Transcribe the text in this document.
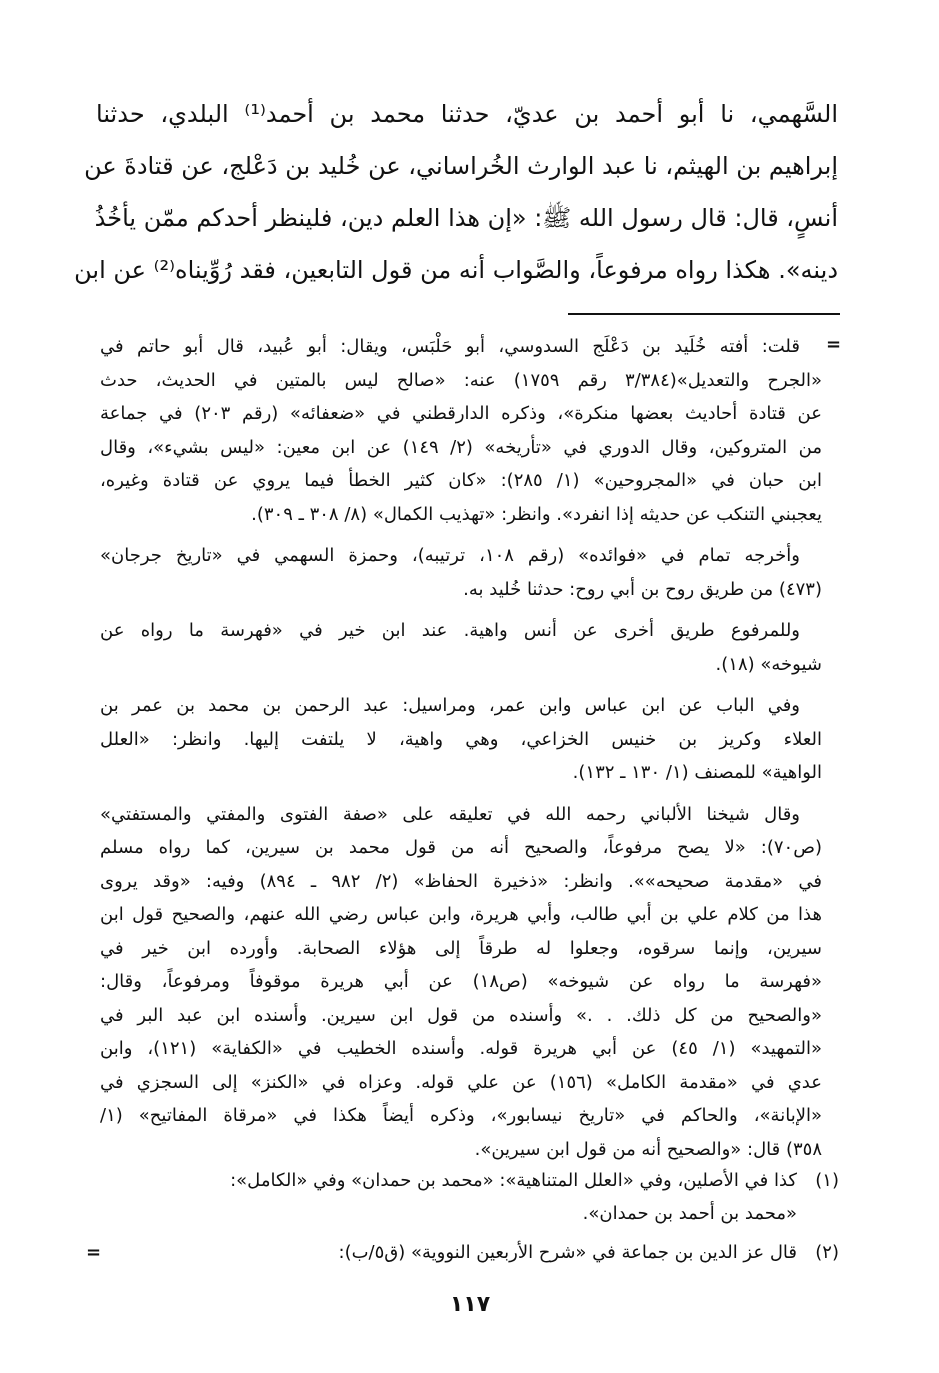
السَّهمي، نا أبو أحمد بن عديّ، حدثنا محمد بن أحمد⁽¹⁾ البلدي، حدثنا
إبراهيم بن الهيثم، نا عبد الوارث الخُراساني، عن خُليد بن دَعْلج، عن قتادةَ عن
أنسٍ، قال: قال رسول الله ﷺ: «إن هذا العلم دين، فلينظر أحدكم ممّن يأخُذُ
دينه». هكذا رواه مرفوعاً، والصَّواب أنه من قول التابعين، فقد رُوِّيناه⁽²⁾ عن ابن
=
قلت: أفته خُلَيد بن دَعْلَج السدوسي، أبو حَلْبَس، ويقال: أبو عُبيد، قال أبو حاتم في
«الجرح والتعديل»(٣/٣٨٤ رقم ١٧٥٩) عنه: «صالح ليس بالمتين في الحديث، حدث
عن قتادة أحاديث بعضها منكرة»، وذكره الدارقطني في «ضعفائه» (رقم ٢٠٣) في جماعة
من المتروكين، وقال الدوري في «تأريخه» (٢/ ١٤٩) عن ابن معين: «ليس بشيء»، وقال
ابن حبان في «المجروحين» (١/ ٢٨٥): «كان كثير الخطأ فيما يروي عن قتادة وغيره،
يعجبني التنكب عن حديثه إذا انفرد». وانظر: «تهذيب الكمال» (٨/ ٣٠٨ ـ ٣٠٩).
وأخرجه تمام في «فوائده» (رقم ١٠٨، ترتيبه)، وحمزة السهمي في «تاريخ جرجان»
(٤٧٣) من طريق روح بن أبي روح: حدثنا خُليد به.
وللمرفوع طريق أخرى عن أنس واهية. عند ابن خير في «فهرسة ما رواه عن
شيوخه» (١٨).
وفي الباب عن ابن عباس وابن عمر، ومراسيل: عبد الرحمن بن محمد بن عمر بن
العلاء وكريز بن خنيس الخزاعي، وهي واهية، لا يلتفت إليها. وانظر: «العلل
الواهية» للمصنف (١/ ١٣٠ ـ ١٣٢).
وقال شيخنا الألباني رحمه الله في تعليقه على «صفة الفتوى والمفتي والمستفتي»
(ص٧٠): «لا يصح مرفوعاً، والصحيح أنه من قول محمد بن سيرين، كما رواه مسلم
في «مقدمة صحيحه»». وانظر: «ذخيرة الحفاظ» (٢/ ٩٨٢ ـ ٨٩٤) وفيه: «وقد يروى
هذا من كلام علي بن أبي طالب، وأبي هريرة، وابن عباس رضي الله عنهم، والصحيح قول ابن
سيرين، وإنما سرقوه، وجعلوا له طرقاً إلى هؤلاء الصحابة. وأورده ابن خير في
«فهرسة ما رواه عن شيوخه» (ص١٨) عن أبي هريرة موقوفاً ومرفوعاً، وقال:
«والصحيح من كل ذلك. . .» وأسنده من قول ابن سيرين. وأسنده ابن عبد البر في
«التمهيد» (١/ ٤٥) عن أبي هريرة قوله. وأسنده الخطيب في «الكفاية» (١٢١)، وابن
عدي في «مقدمة الكامل» (١٥٦) عن علي قوله. وعزاه في «الكنز» إلى السجزي في
«الإبانة»، والحاكم في «تاريخ نيسابور»، وذكره أيضاً هكذا في «مرقاة المفاتيح» (١/
٣٥٨) قال: «والصحيح أنه من قول ابن سيرين».
(١)
كذا في الأصلين، وفي «العلل المتناهية»: «محمد بن حمدان» وفي «الكامل»:
«محمد بن أحمد بن حمدان».
(٢)
قال عز الدين بن جماعة في «شرح الأربعين النووية» (ق٥/ب):
=
١١٧
